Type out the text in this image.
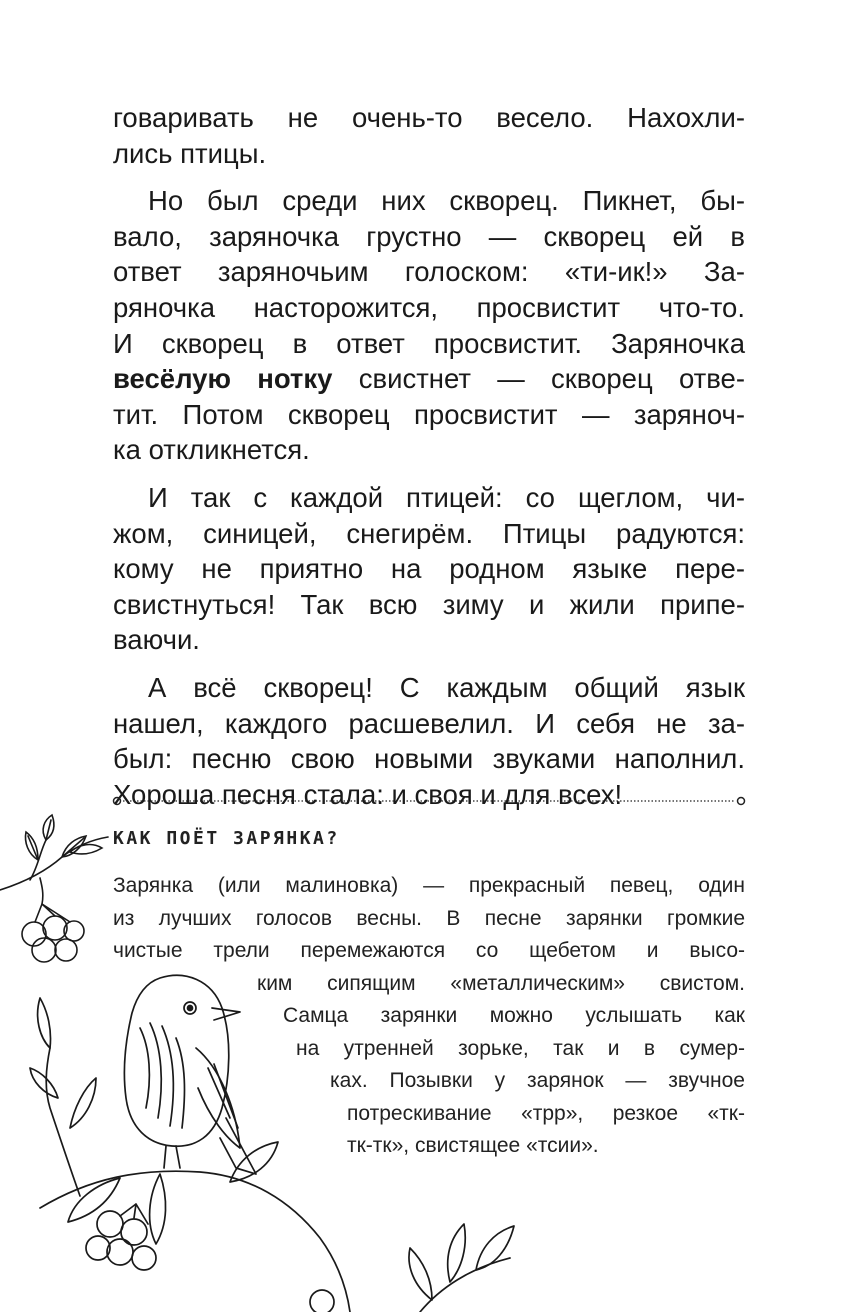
говаривать не очень-то весело. Нахохли-
лись птицы.
Но был среди них скворец. Пикнет, бы-
вало, заряночка грустно — скворец ей в
ответ заряночьим голоском: «ти-ик!» За-
ряночка насторожится, просвистит что-то.
И скворец в ответ просвистит. Заряночка
весёлую нотку свистнет — скворец отве-
тит. Потом скворец просвистит — заряноч-
ка откликнется.
И так с каждой птицей: со щеглом, чи-
жом, синицей, снегирём. Птицы радуются:
кому не приятно на родном языке пере-
свистнуться! Так всю зиму и жили припе-
ваючи.
А всё скворец! С каждым общий язык
нашел, каждого расшевелил. И себя не за-
был: песню свою новыми звуками наполнил.
Хороша песня стала: и своя и для всех!
КАК ПОЁТ ЗАРЯНКА?
Зарянка (или малиновка) — прекрасный певец, один
из лучших голосов весны. В песне зарянки громкие
чистые трели перемежаются со щебетом и высо-
ким сипящим «металлическим» свистом.
Самца зарянки можно услышать как
на утренней зорьке, так и в сумер-
ках. Позывки у зарянок — звучное
потрескивание «трр», резкое «тк-
тк-тк», свистящее «тсии».
